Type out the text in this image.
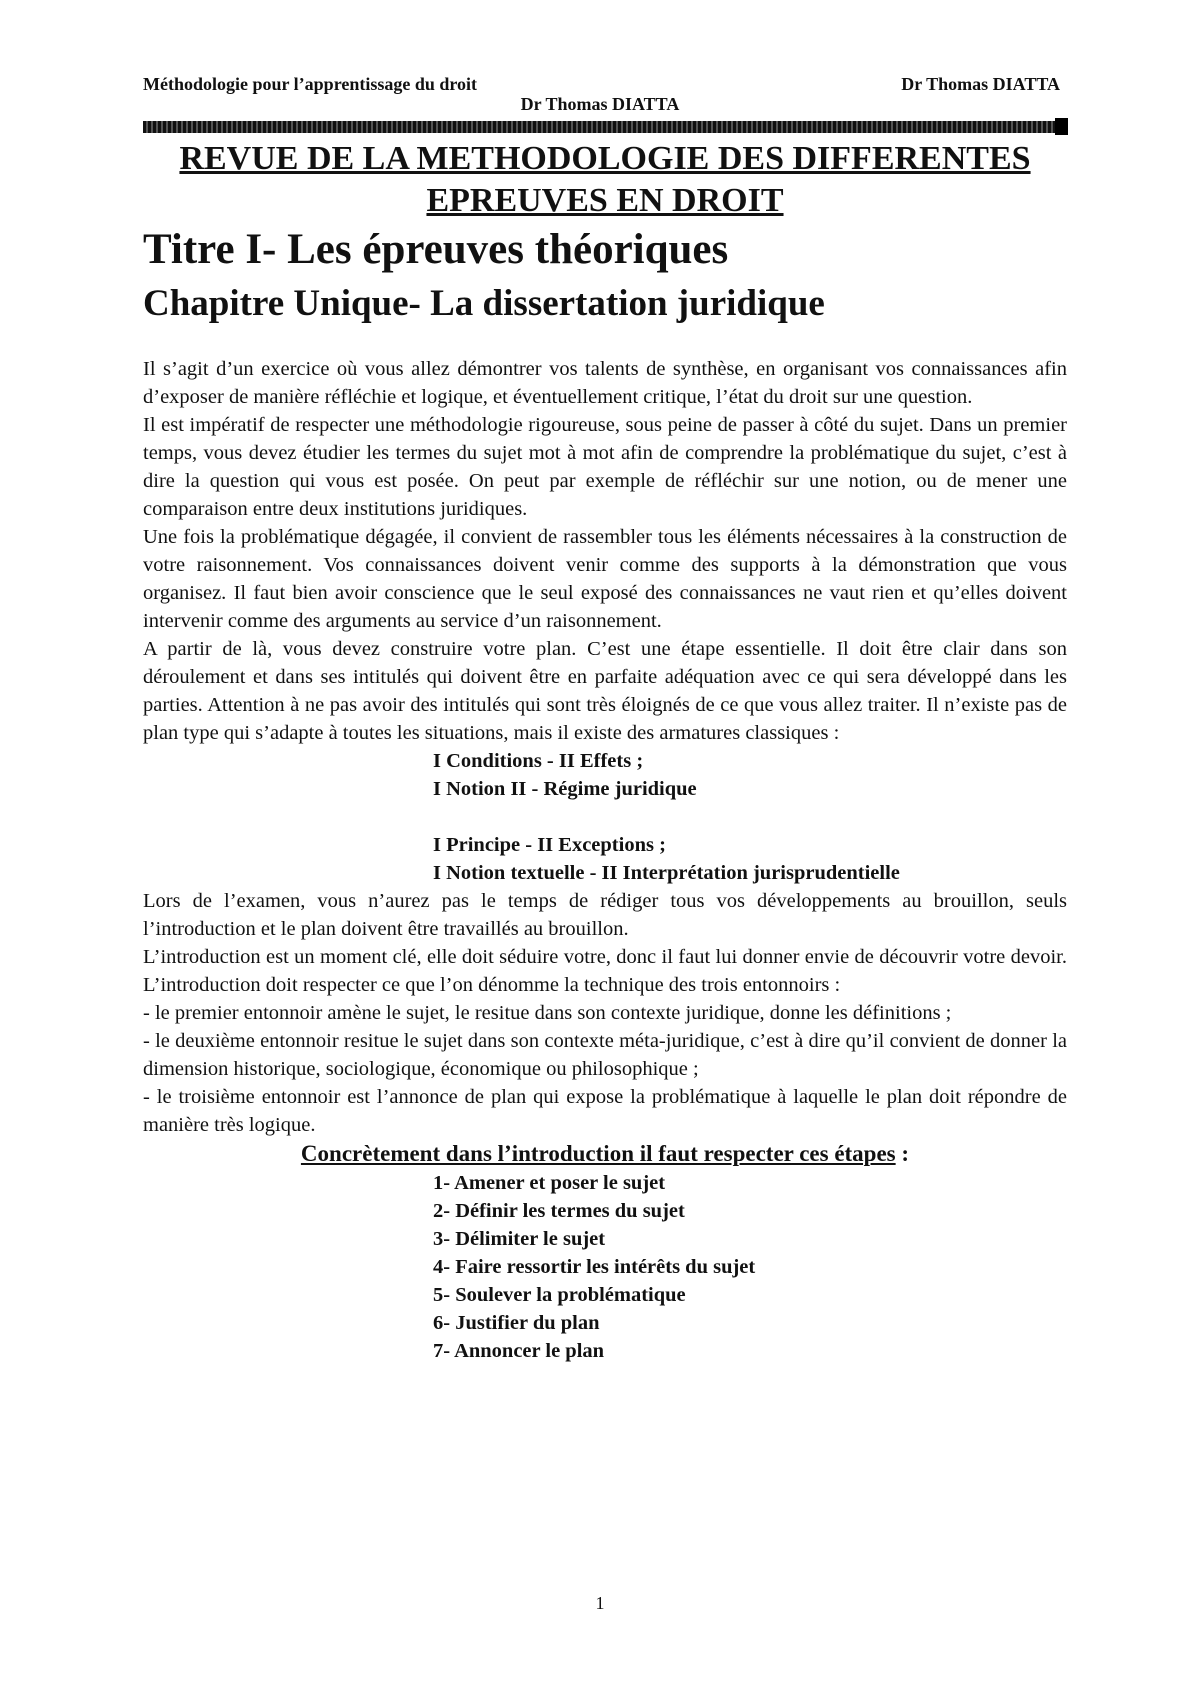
Méthodologie pour l’apprentissage du droit	Dr Thomas DIATTA
Dr Thomas DIATTA
REVUE DE LA METHODOLOGIE DES DIFFERENTES EPREUVES EN DROIT
Titre I- Les épreuves théoriques
Chapitre Unique- La dissertation juridique

Il s’agit d’un exercice où vous allez démontrer vos talents de synthèse, en organisant vos connaissances afin d’exposer de manière réfléchie et logique, et éventuellement critique, l’état du droit sur une question.

Il est impératif de respecter une méthodologie rigoureuse, sous peine de passer à côté du sujet. Dans un premier temps, vous devez étudier les termes du sujet mot à mot afin de comprendre la problématique du sujet, c’est à dire la question qui vous est posée. On peut par exemple de réfléchir sur une notion, ou de mener une comparaison entre deux institutions juridiques.

Une fois la problématique dégagée, il convient de rassembler tous les éléments nécessaires à la construction de votre raisonnement. Vos connaissances doivent venir comme des supports à la démonstration que vous organisez. Il faut bien avoir conscience que le seul exposé des connaissances ne vaut rien et qu’elles doivent intervenir comme des arguments au service d’un raisonnement.

A partir de là, vous devez construire votre plan. C’est une étape essentielle. Il doit être clair dans son déroulement et dans ses intitulés qui doivent être en parfaite adéquation avec ce qui sera développé dans les parties. Attention à ne pas avoir des intitulés qui sont très éloignés de ce que vous allez traiter. Il n’existe pas de plan type qui s’adapte à toutes les situations, mais il existe des armatures classiques :

I Conditions - II Effets ;

I Notion II - Régime juridique

I Principe - II Exceptions ;

I Notion textuelle - II Interprétation jurisprudentielle

Lors de l’examen, vous n’aurez pas le temps de rédiger tous vos développements au brouillon, seuls l’introduction et le plan doivent être travaillés au brouillon.

L’introduction est un moment clé, elle doit séduire votre, donc il faut lui donner envie de découvrir votre devoir. L’introduction doit respecter ce que l’on dénomme la technique des trois entonnoirs :

- le premier entonnoir amène le sujet, le resitue dans son contexte juridique, donne les définitions ;

- le deuxième entonnoir resitue le sujet dans son contexte méta-juridique, c’est à dire qu’il convient de donner la dimension historique, sociologique, économique ou philosophique ;

- le troisième entonnoir est l’annonce de plan qui expose la problématique à laquelle le plan doit répondre de manière très logique.

Concrètement dans l’introduction il faut respecter ces étapes :

1- Amener et poser le sujet

2- Définir les termes du sujet

3- Délimiter le sujet

4- Faire ressortir les intérêts du sujet

5- Soulever la problématique

6- Justifier du plan

7- Annoncer le plan

1
